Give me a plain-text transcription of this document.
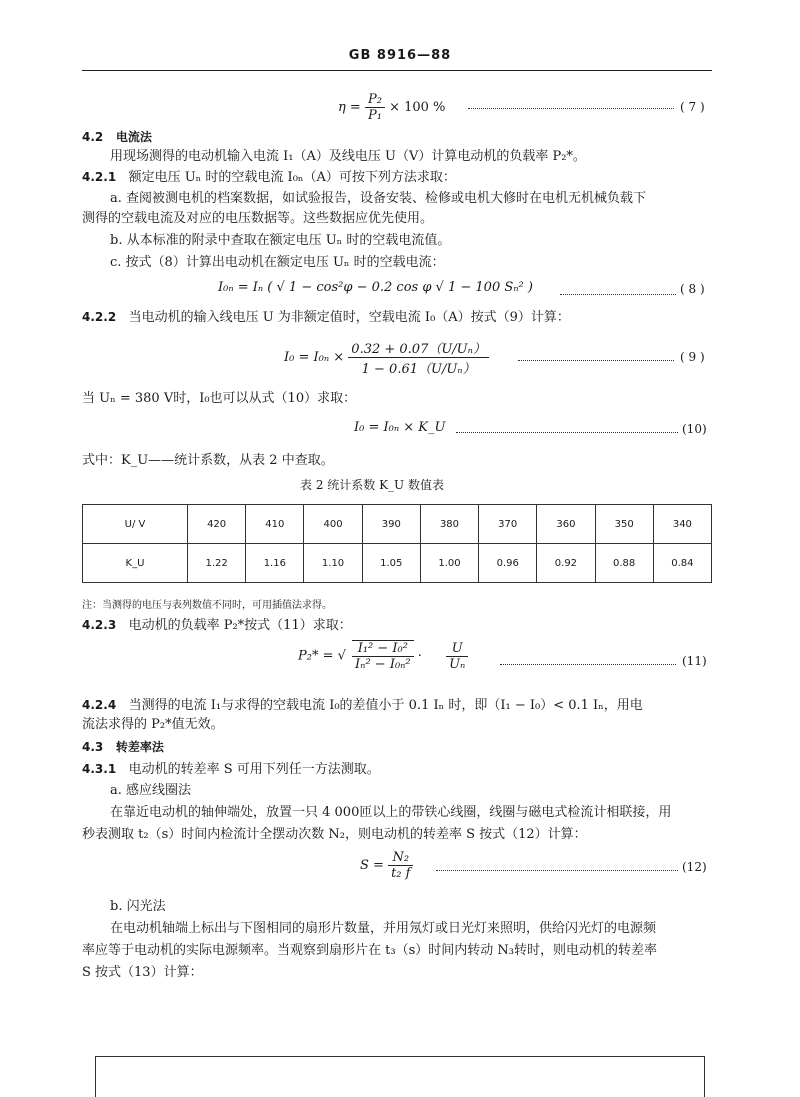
GB 8916—88
$\eta = \frac{\text{P₂}}{\text{P₁}} \times 100$ %	( 7 )
4.2 电流法
用现场测得的电动机输入电流 I₁（A）及线电压 U（V）计算电动机的负载率 P₂*。
4.2.1 额定电压 Uₙ 时的空载电流 I₀ₙ（A）可按下列方法求取：
a. 查阅被测电机的档案数据，如试验报告，设备安装、检修或电机大修时在电机无机械负载下
测得的空载电流及对应的电压数据等。这些数据应优先使用。
b. 从本标准的附录中查取在额定电压 Uₙ 时的空载电流值。
c. 按式（8）计算出电动机在额定电压 Uₙ 时的空载电流：
I₀ₙ = Iₙ ( √ 1 − cos²φ − 0.2 cos φ √ 1 − 100 Sₙ² )	( 8 )
4.2.2 当电动机的输入线电压 U 为非额定值时，空载电流 I₀（A）按式（9）计算：
$I_0 = I_{0n} \times \frac{\text{0.32 + 0.07（U/Uₙ）}}{\text{1 − 0.61（U/Uₙ）}}$	( 9 )
当 Uₙ = 380 V时，I₀也可以从式（10）求取：
I₀ = I₀ₙ × K_U	(10)
式中：K_U——统计系数，从表 2 中查取。
表 2 统计系数 K_U 数值表
U/ V	420	410	400	390	380	370	360	350	340
K_U	1.22	1.16	1.10	1.05	1.00	0.96	0.92	0.88	0.84
注：当测得的电压与表列数值不同时，可用插值法求得。
4.2.3 电动机的负载率 P₂*按式（11）求取：
P₂* = √ $\frac{\text{I₁² − I₀²}}{\text{Iₙ² − I₀ₙ²}} \cdot \frac{U}{\text{Uₙ}}$	(11)
4.2.4 当测得的电流 I₁与求得的空载电流 I₀的差值小于 0.1 Iₙ 时，即（I₁ − I₀）< 0.1 Iₙ，用电
流法求得的 P₂*值无效。
4.3 转差率法
4.3.1 电动机的转差率 S 可用下列任一方法测取。
a. 感应线圈法
在靠近电动机的轴伸端处，放置一只 4 000匝以上的带铁心线圈，线圈与磁电式检流计相联接，用
秒表测取 t₂（s）时间内检流计全摆动次数 N₂，则电动机的转差率 S 按式（12）计算：
$S = \frac{\text{N₂}}{\text{t₂ f}}$	(12)
b. 闪光法
在电动机轴端上标出与下图相同的扇形片数量，并用氖灯或日光灯来照明，供给闪光灯的电源频
率应等于电动机的实际电源频率。当观察到扇形片在 t₃（s）时间内转动 N₃转时，则电动机的转差率
S 按式（13）计算：
